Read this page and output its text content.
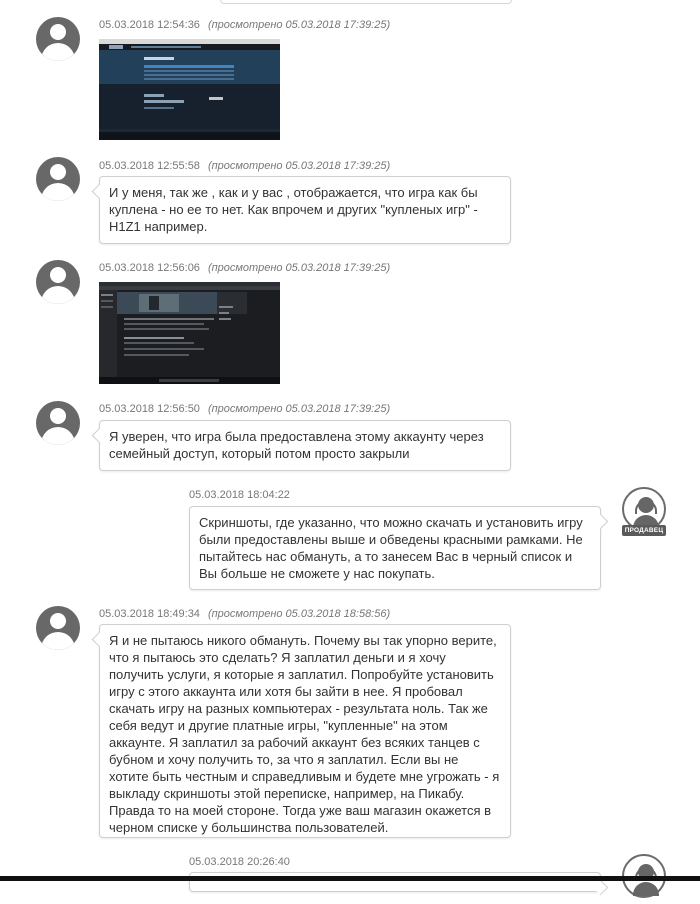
05.03.2018 12:54:36 (просмотрено 05.03.2018 17:39:25)
05.03.2018 12:55:58 (просмотрено 05.03.2018 17:39:25)
И у меня, так же , как и у вас , отображается, что игра как бы куплена - но ее то нет. Как впрочем и других "купленых игр" - H1Z1 например.
05.03.2018 12:56:06 (просмотрено 05.03.2018 17:39:25)
05.03.2018 12:56:50 (просмотрено 05.03.2018 17:39:25)
Я уверен, что игра была предоставлена этому аккаунту через семейный доступ, который потом просто закрыли
05.03.2018 18:04:22
Скриншоты, где указанно, что можно скачать и установить игру были предоставлены выше и обведены красными рамками. Не пытайтесь нас обмануть, а то занесем Вас в черный список и Вы больше не сможете у нас покупать.
ПРОДАВЕЦ
05.03.2018 18:49:34 (просмотрено 05.03.2018 18:58:56)
Я и не пытаюсь никого обмануть. Почему вы так упорно верите, что я пытаюсь это сделать? Я заплатил деньги и я хочу получить услуги, я которые я заплатил. Попробуйте установить игру с этого аккаунта или хотя бы зайти в нее. Я пробовал скачать игру на разных компьютерах - результата ноль. Так же себя ведут и другие платные игры, "купленные" на этом аккаунте. Я заплатил за рабочий аккаунт без всяких танцев с бубном и хочу получить то, за что я заплатил. Если вы не хотите быть честным и справедливым и будете мне угрожать - я выкладу скриншоты этой переписке, например, на Пикабу. Правда то на моей стороне. Тогда уже ваш магазин окажется в черном списке у большинства пользователей.
05.03.2018 20:26:40
